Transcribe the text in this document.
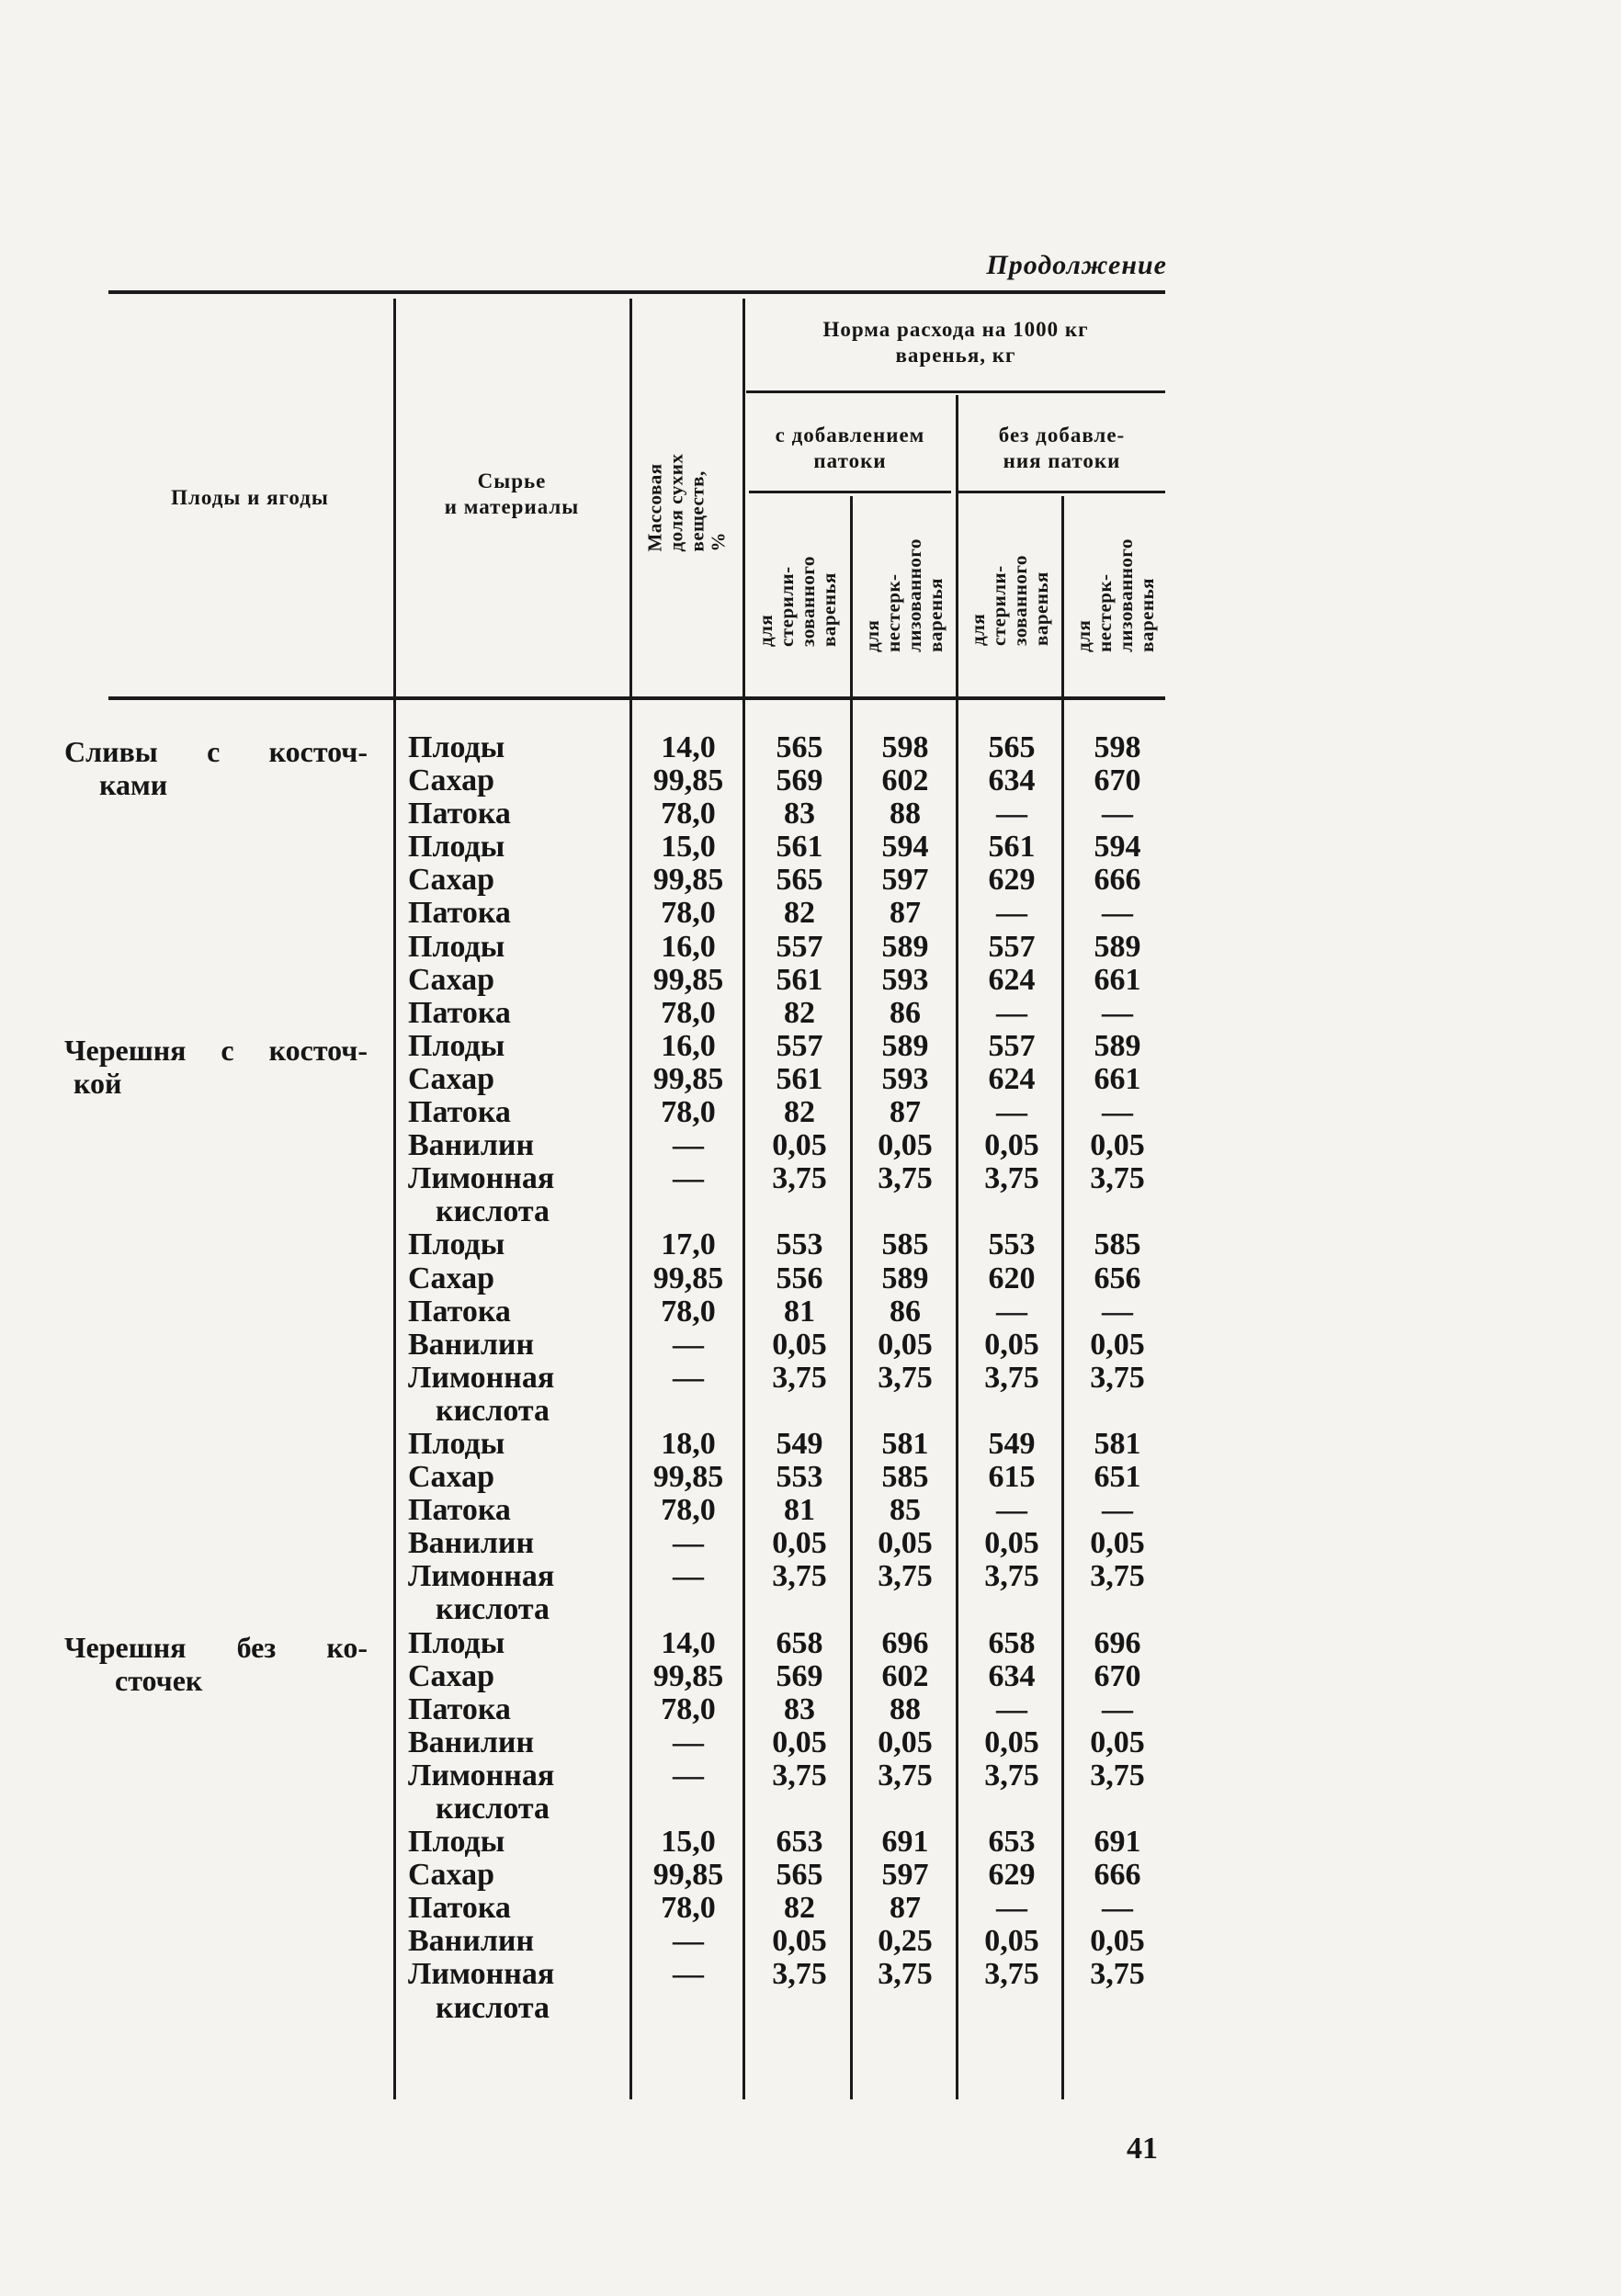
Продолжение
Плоды и ягоды
Сырье
и материалы	Массовая доля сухих
веществ, %
Норма расхода на 1000 кг
варенья, кг
с добавлением
патоки
без добавле-
ния патоки
для стерили-
зованного
варенья для нестерк-
лизованного
варенья для стерили-
зованного
варенья для нестерк-
лизованного
варенья
Сливы с косточ-
ками
Черешня с косточ-
кой
Черешня без ко-
сточек
Плоды
Сахар
Патока
Плоды
Сахар
Патока
Плоды
Сахар
Патока
Плоды
Сахар
Патока
Ванилин
Лимонная
кислота
Плоды
Сахар
Патока
Ванилин
Лимонная
кислота
Плоды
Сахар
Патока
Ванилин
Лимонная
кислота
Плоды
Сахар
Патока
Ванилин
Лимонная
кислота
Плоды
Сахар
Патока
Ванилин
Лимонная
кислота
14,0
99,85
78,0
15,0
99,85
78,0
16,0
99,85
78,0
16,0
99,85
78,0
—
—

17,0
99,85
78,0
—
—

18,0
99,85
78,0
—
—

14,0
99,85
78,0
—
—

15,0
99,85
78,0
—
—

565
569
83
561
565
82
557
561
82
557
561
82
0,05
3,75

553
556
81
0,05
3,75

549
553
81
0,05
3,75

658
569
83
0,05
3,75

653
565
82
0,05
3,75

598
602
88
594
597
87
589
593
86
589
593
87
0,05
3,75

585
589
86
0,05
3,75

581
585
85
0,05
3,75

696
602
88
0,05
3,75

691
597
87
0,25
3,75

565
634
—
561
629
—
557
624
—
557
624
—
0,05
3,75

553
620
—
0,05
3,75

549
615
—
0,05
3,75

658
634
—
0,05
3,75

653
629
—
0,05
3,75

598
670
—
594
666
—
589
661
—
589
661
—
0,05
3,75

585
656
—
0,05
3,75

581
651
—
0,05
3,75

696
670
—
0,05
3,75

691
666
—
0,05
3,75

41
